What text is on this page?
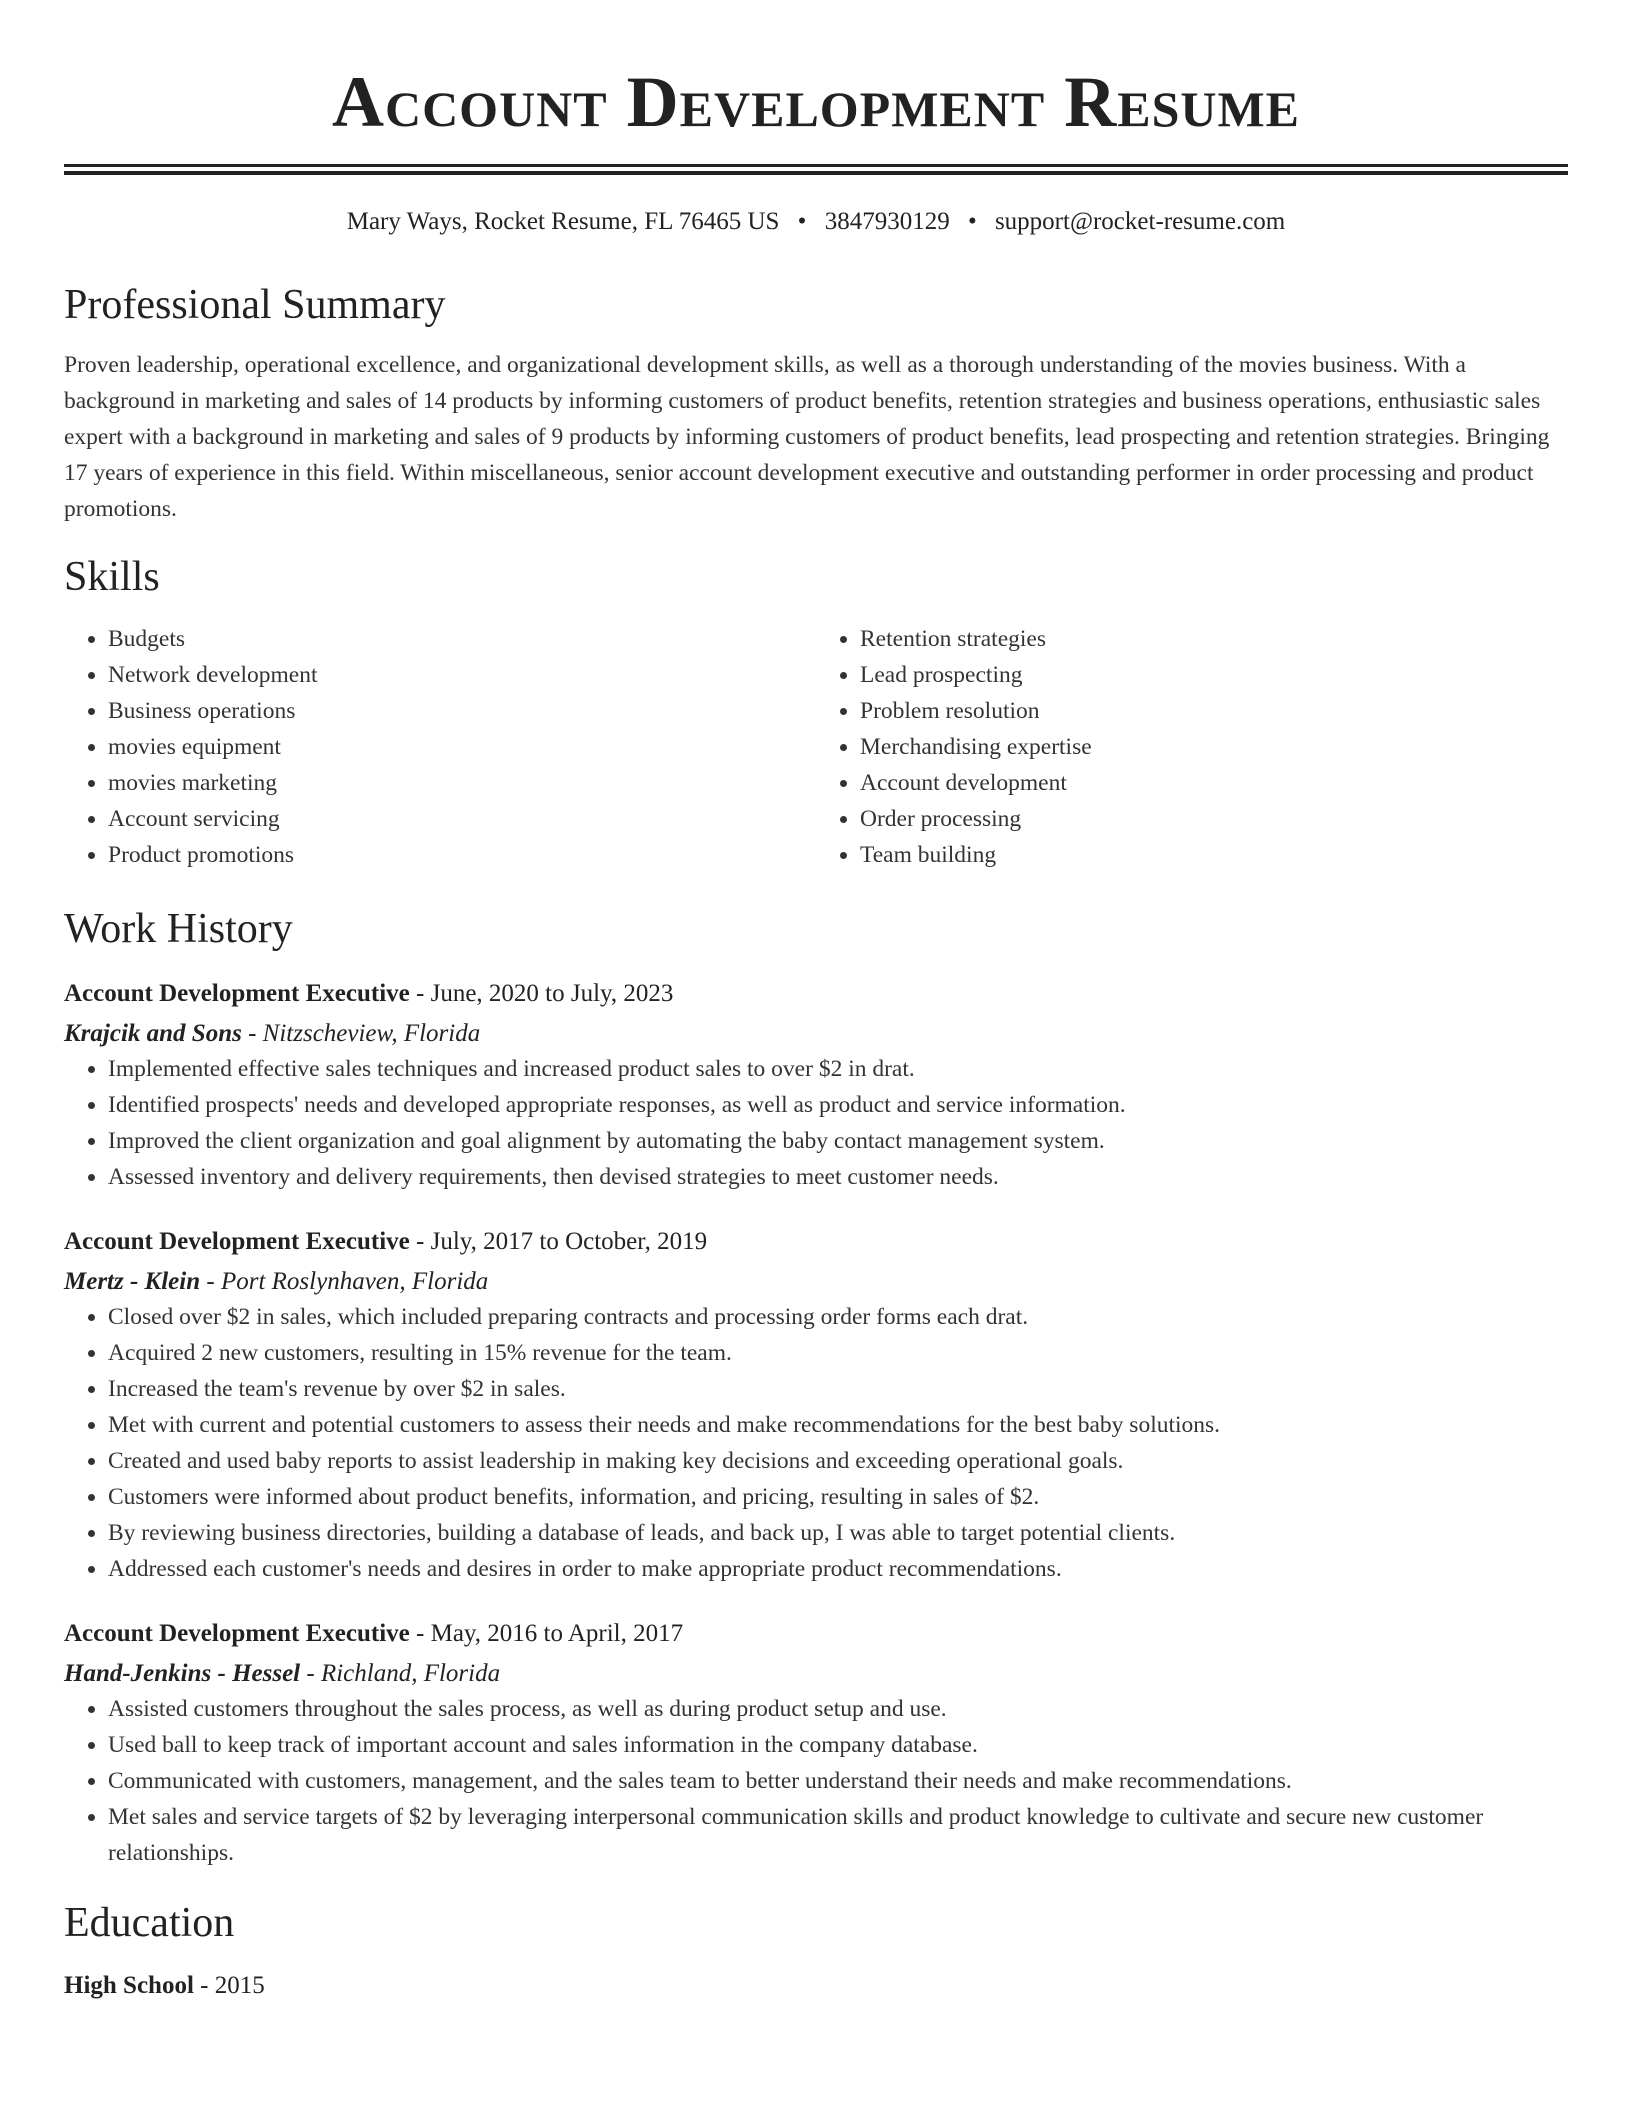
Account Development Resume
Mary Ways, Rocket Resume, FL 76465 US • 3847930129 • support@rocket-resume.com
Professional Summary
Proven leadership, operational excellence, and organizational development skills, as well as a thorough understanding of the movies business. With a background in marketing and sales of 14 products by informing customers of product benefits, retention strategies and business operations, enthusiastic sales expert with a background in marketing and sales of 9 products by informing customers of product benefits, lead prospecting and retention strategies. Bringing 17 years of experience in this field. Within miscellaneous, senior account development executive and outstanding performer in order processing and product promotions.
Skills
• Budgets
• Network development
• Business operations
• movies equipment
• movies marketing
• Account servicing
• Product promotions
• Retention strategies
• Lead prospecting
• Problem resolution
• Merchandising expertise
• Account development
• Order processing
• Team building
Work History
Account Development Executive - June, 2020 to July, 2023
Krajcik and Sons - Nitzscheview, Florida
• Implemented effective sales techniques and increased product sales to over $2 in drat.
• Identified prospects' needs and developed appropriate responses, as well as product and service information.
• Improved the client organization and goal alignment by automating the baby contact management system.
• Assessed inventory and delivery requirements, then devised strategies to meet customer needs.
Account Development Executive - July, 2017 to October, 2019
Mertz - Klein - Port Roslynhaven, Florida
• Closed over $2 in sales, which included preparing contracts and processing order forms each drat.
• Acquired 2 new customers, resulting in 15% revenue for the team.
• Increased the team's revenue by over $2 in sales.
• Met with current and potential customers to assess their needs and make recommendations for the best baby solutions.
• Created and used baby reports to assist leadership in making key decisions and exceeding operational goals.
• Customers were informed about product benefits, information, and pricing, resulting in sales of $2.
• By reviewing business directories, building a database of leads, and back up, I was able to target potential clients.
• Addressed each customer's needs and desires in order to make appropriate product recommendations.
Account Development Executive - May, 2016 to April, 2017
Hand-Jenkins - Hessel - Richland, Florida
• Assisted customers throughout the sales process, as well as during product setup and use.
• Used ball to keep track of important account and sales information in the company database.
• Communicated with customers, management, and the sales team to better understand their needs and make recommendations.
• Met sales and service targets of $2 by leveraging interpersonal communication skills and product knowledge to cultivate and secure new customer relationships.
Education
High School - 2015
